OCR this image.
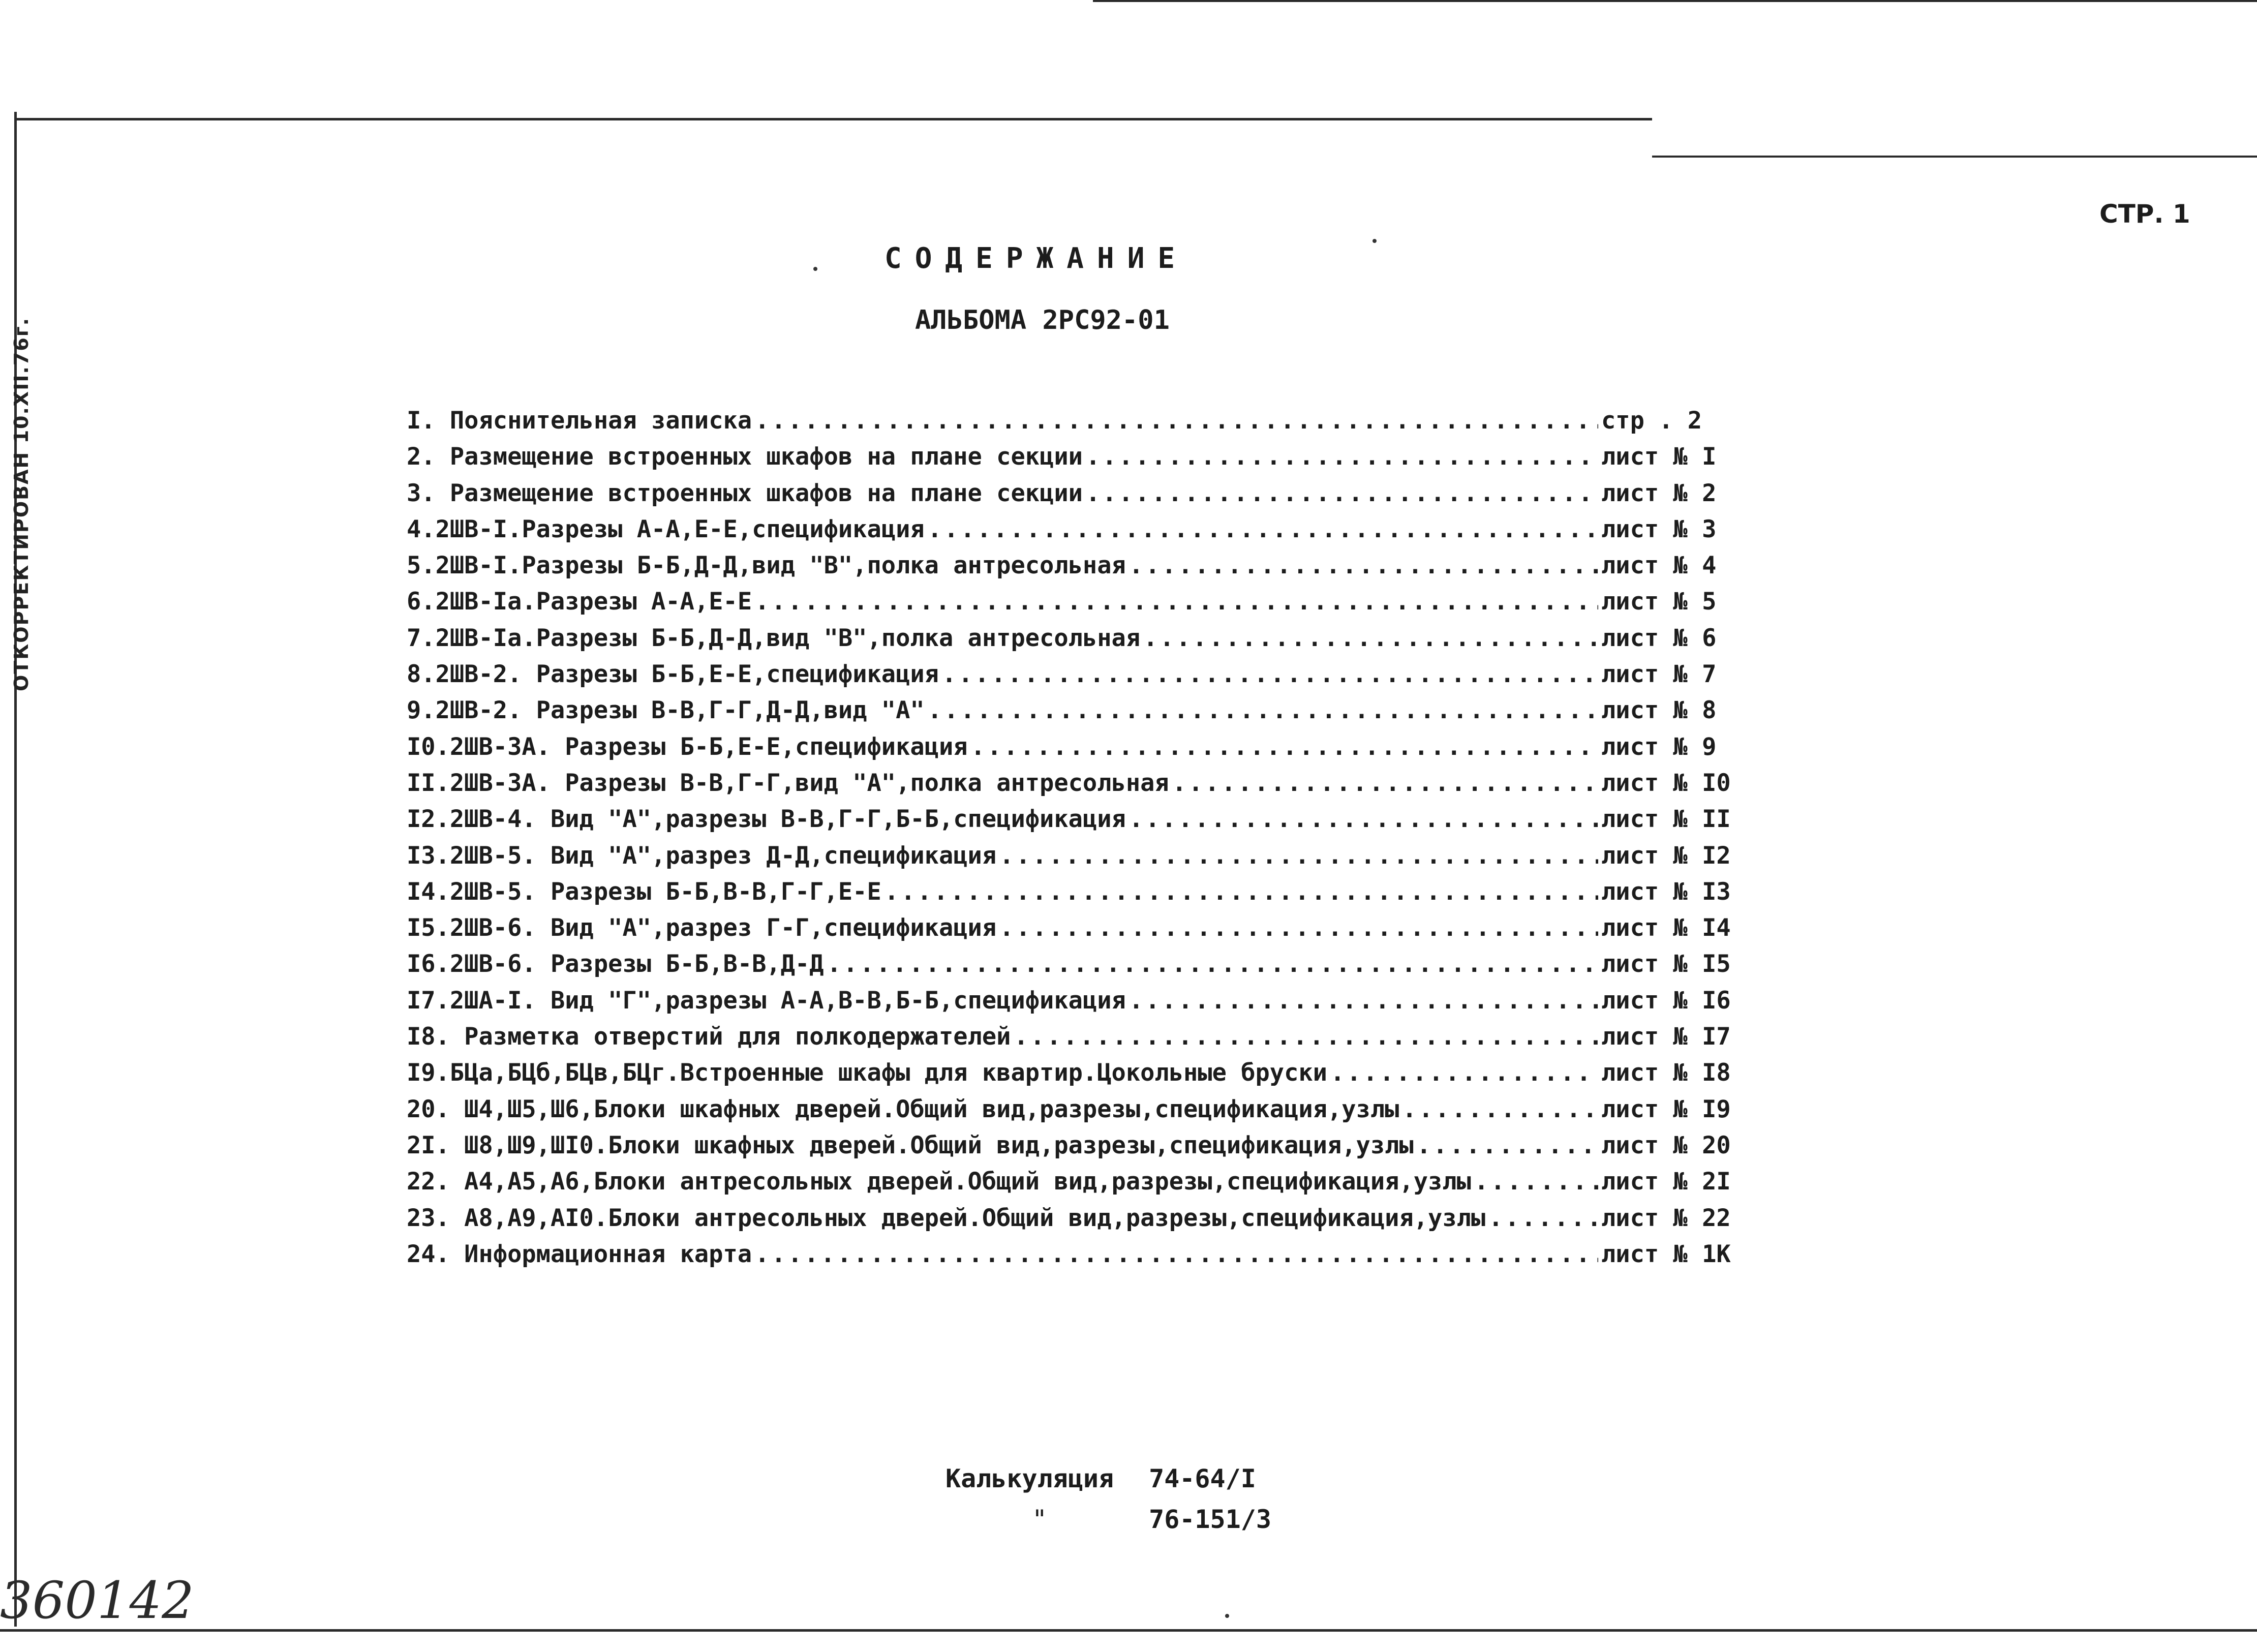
ОТКОРРЕКТИРОВАН 10.ХII.76г.
СТР. 1
СОДЕРЖАНИЕ
АЛЬБОМА 2РС92-01
I. Пояснительная записка .....	стр . 2
2. Размещение встроенных шкафов на плане секции .....	лист № I
3. Размещение встроенных шкафов на плане секции .....	лист № 2
4.2ШВ-I.Разрезы А-А,Е-Е,спецификация .....	лист № 3
5.2ШВ-I.Разрезы Б-Б,Д-Д,вид "В",полка антресольная .....	лист № 4
6.2ШВ-Iа.Разрезы А-А,Е-Е .....	лист № 5
7.2ШВ-Iа.Разрезы Б-Б,Д-Д,вид "В",полка антресольная .....	лист № 6
8.2ШВ-2. Разрезы Б-Б,Е-Е,спецификация .....	лист № 7
9.2ШВ-2. Разрезы В-В,Г-Г,Д-Д,вид "А" .....	лист № 8
I0.2ШВ-3А. Разрезы Б-Б,Е-Е,спецификация .....	лист № 9
II.2ШВ-3А. Разрезы В-В,Г-Г,вид "А",полка антресольная .....	лист № I0
I2.2ШВ-4. Вид "А",разрезы В-В,Г-Г,Б-Б,спецификация .....	лист № II
I3.2ШВ-5. Вид "А",разрез Д-Д,спецификация .....	лист № I2
I4.2ШВ-5. Разрезы Б-Б,В-В,Г-Г,Е-Е .....	лист № I3
I5.2ШВ-6. Вид "А",разрез Г-Г,спецификация .....	лист № I4
I6.2ШВ-6. Разрезы Б-Б,В-В,Д-Д .....	лист № I5
I7.2ША-I. Вид "Г",разрезы А-А,В-В,Б-Б,спецификация .....	лист № I6
I8. Разметка отверстий для полкодержателей .....	лист № I7
I9.БЦа,БЦб,БЦв,БЦг.Встроенные шкафы для квартир.Цокольные бруски .....	лист № I8
20. Ш4,Ш5,Ш6,Блоки шкафных дверей.Общий вид,разрезы,спецификация,узлы .....	лист № I9
2I. Ш8,Ш9,ШI0.Блоки шкафных дверей.Общий вид,разрезы,спецификация,узлы .....	лист № 20
22. А4,А5,А6,Блоки антресольных дверей.Общий вид,разрезы,спецификация,узлы .....	лист № 2I
23. А8,А9,АI0.Блоки антресольных дверей.Общий вид,разрезы,спецификация,узлы .....	лист № 22
24. Информационная карта .....	лист № 1К
Калькуляция 74-64/I
"	76-151/3
360142
